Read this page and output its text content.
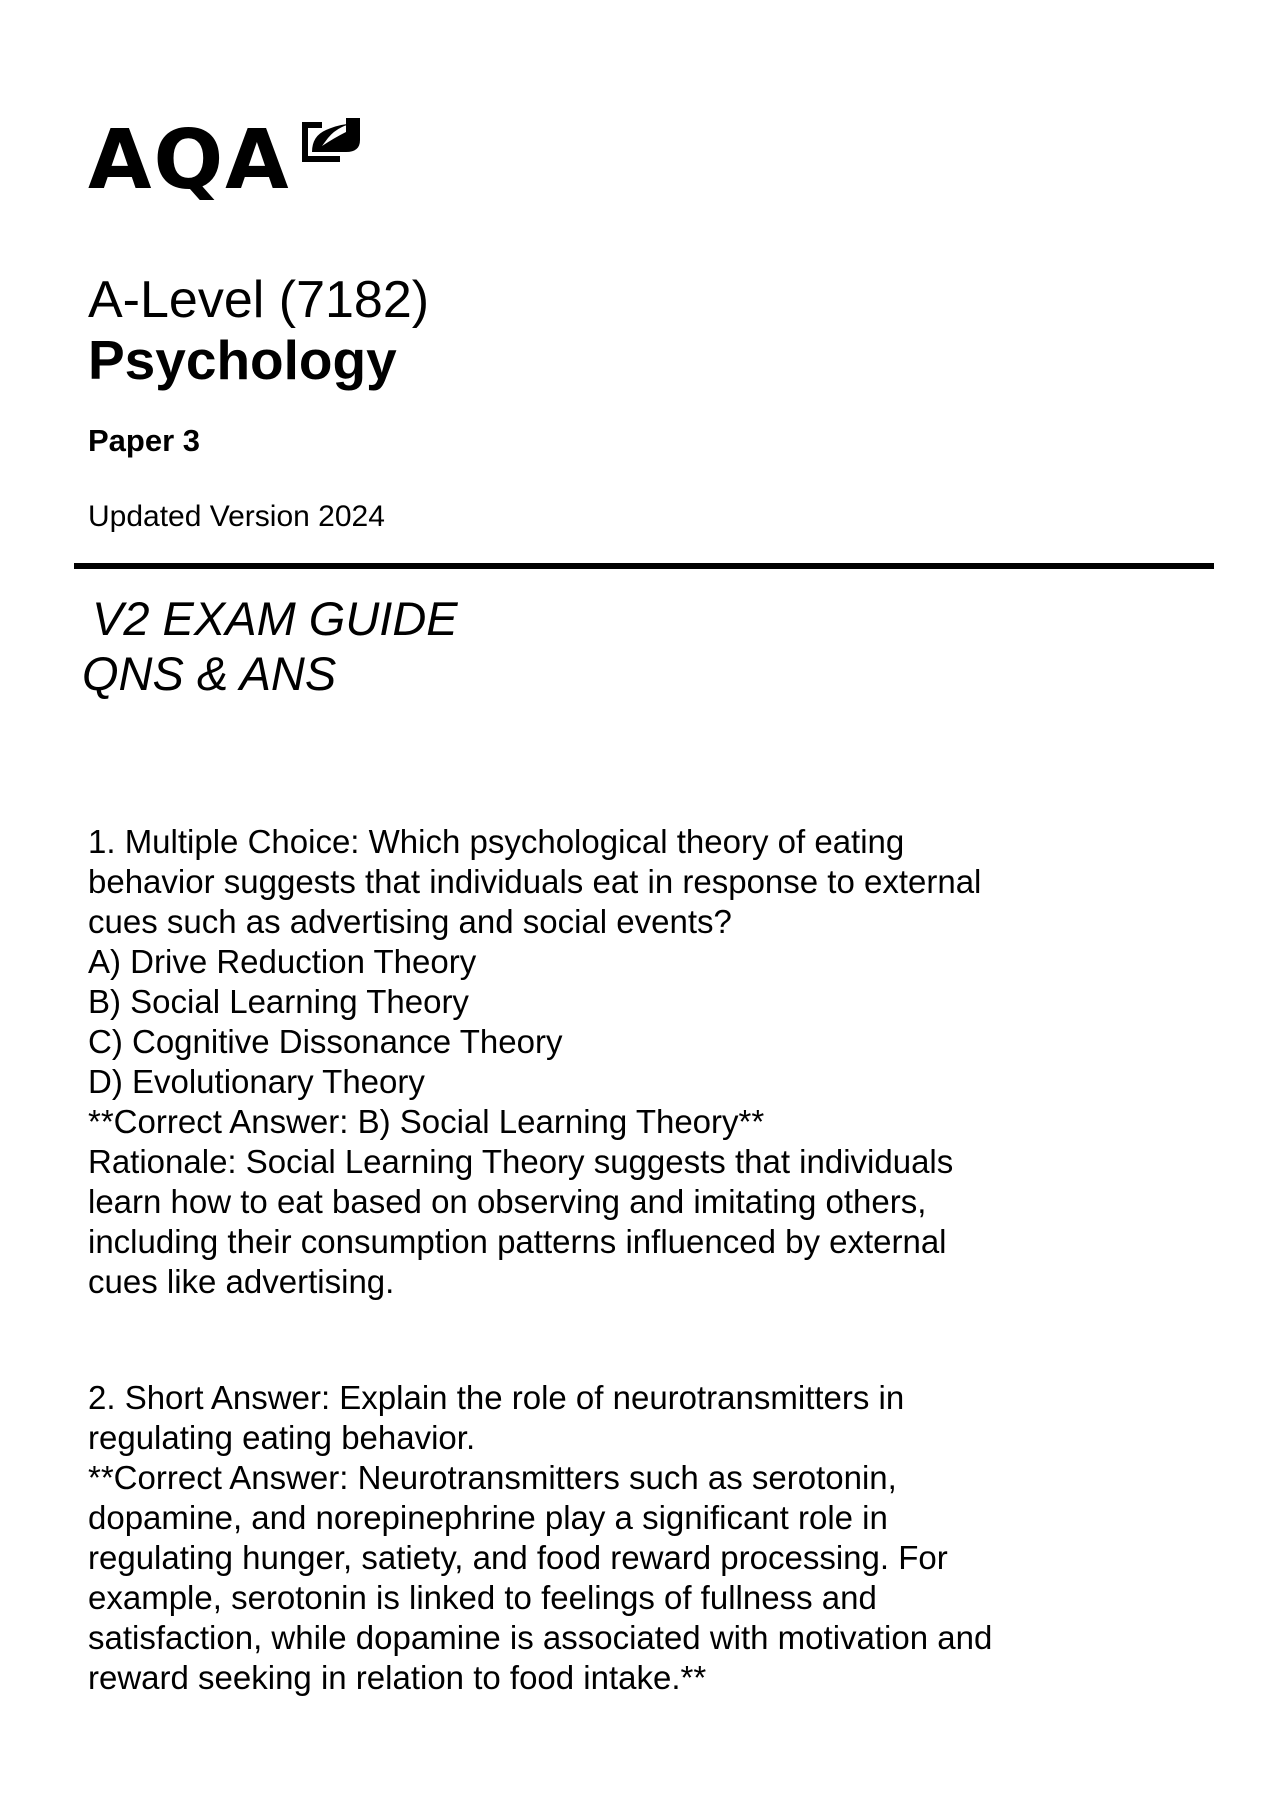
AQA
A-Level (7182)
Psychology
Paper 3
Updated Version 2024
V2 EXAM GUIDE
QNS & ANS
1. Multiple Choice: Which psychological theory of eating
behavior suggests that individuals eat in response to external
cues such as advertising and social events?
A) Drive Reduction Theory
B) Social Learning Theory
C) Cognitive Dissonance Theory
D) Evolutionary Theory
**Correct Answer: B) Social Learning Theory**
Rationale: Social Learning Theory suggests that individuals
learn how to eat based on observing and imitating others,
including their consumption patterns influenced by external
cues like advertising.
2. Short Answer: Explain the role of neurotransmitters in
regulating eating behavior.
**Correct Answer: Neurotransmitters such as serotonin,
dopamine, and norepinephrine play a significant role in
regulating hunger, satiety, and food reward processing. For
example, serotonin is linked to feelings of fullness and
satisfaction, while dopamine is associated with motivation and
reward seeking in relation to food intake.**
